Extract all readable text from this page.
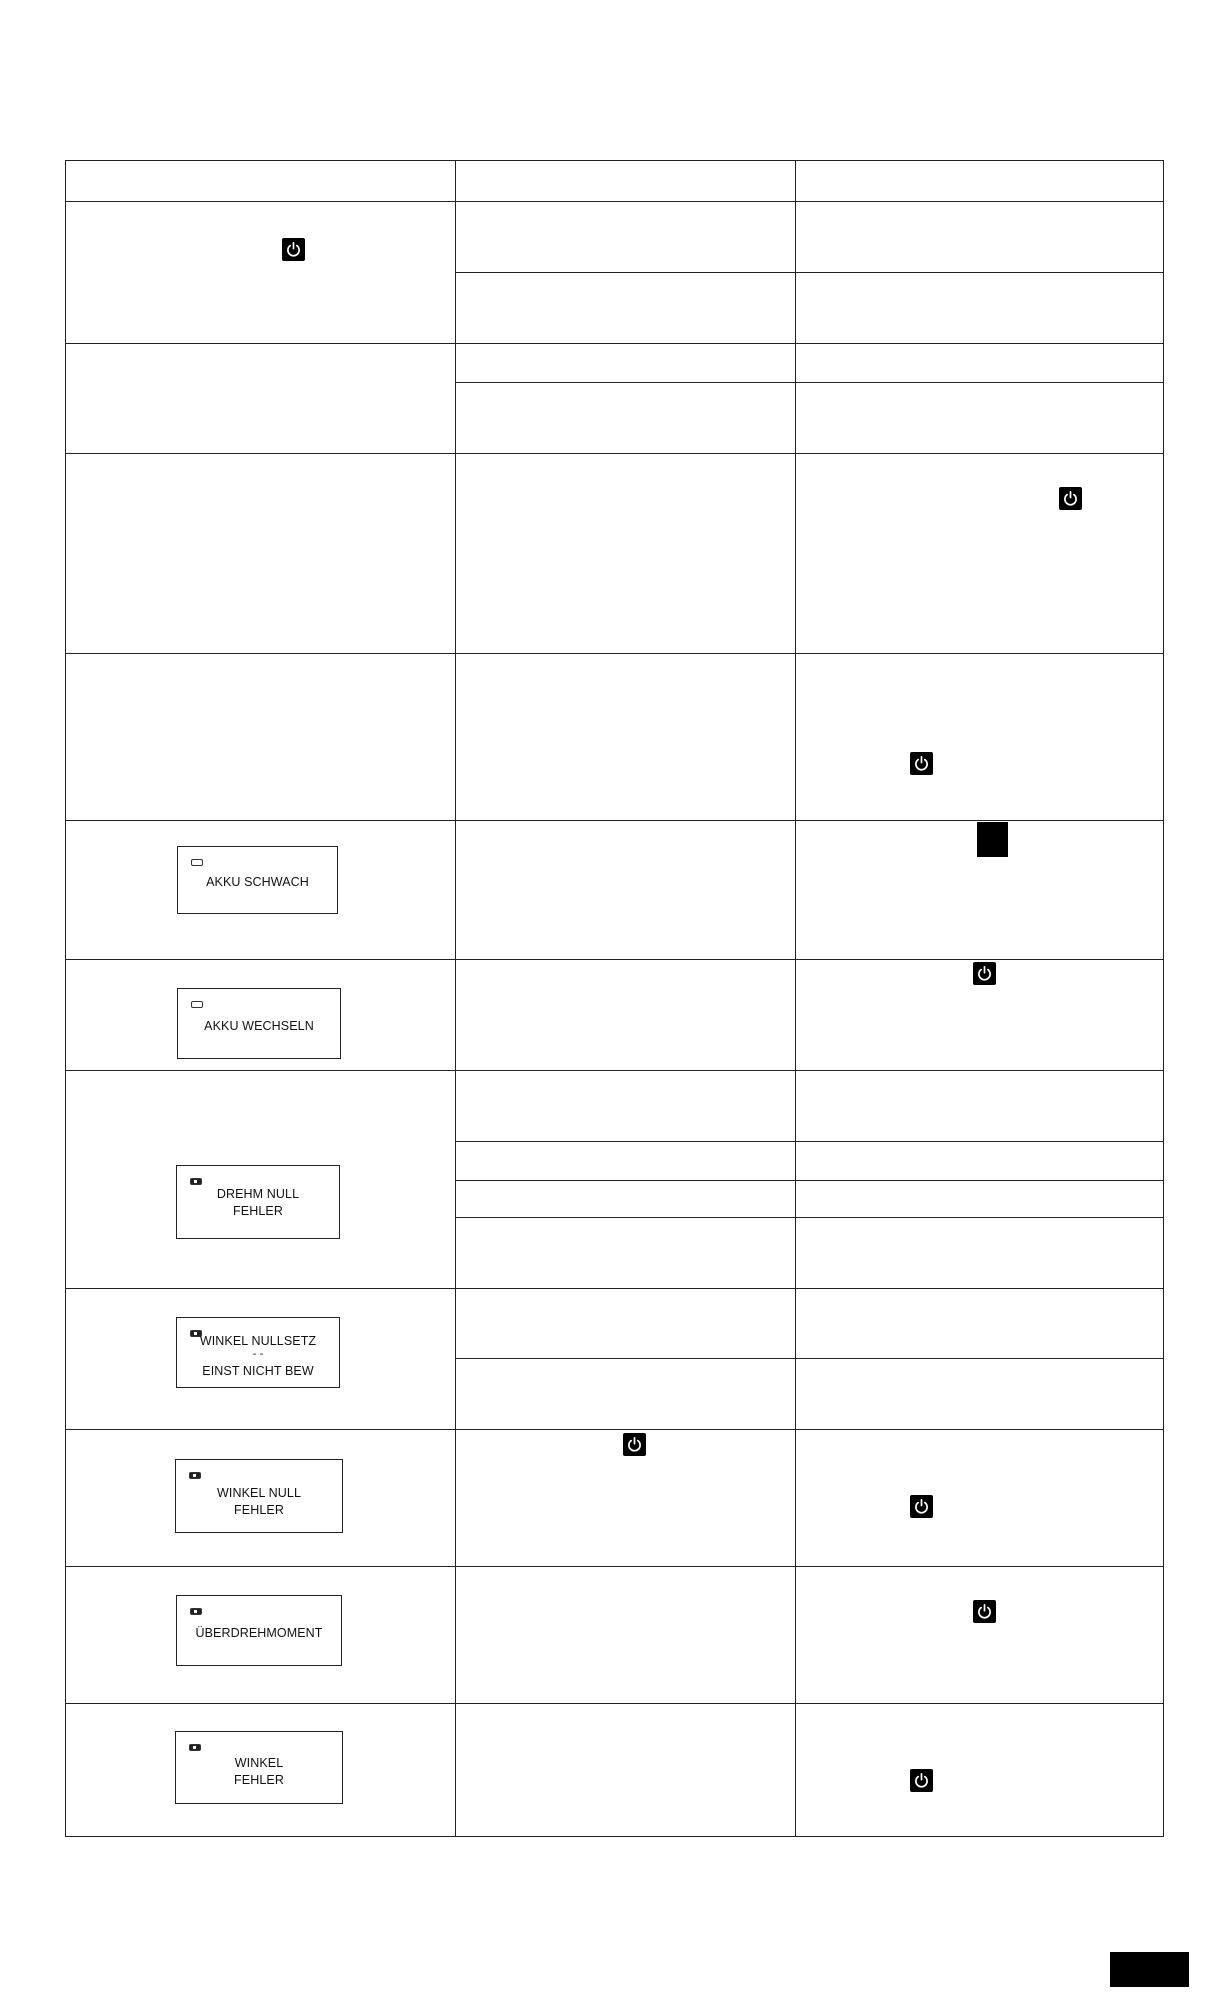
AKKU SCHWACH
AKKU WECHSELN
DREHM NULL
FEHLER
WINKEL NULLSETZ
- -
EINST NICHT BEW
WINKEL NULL
FEHLER
ÜBERDREHMOMENT
WINKEL
FEHLER
